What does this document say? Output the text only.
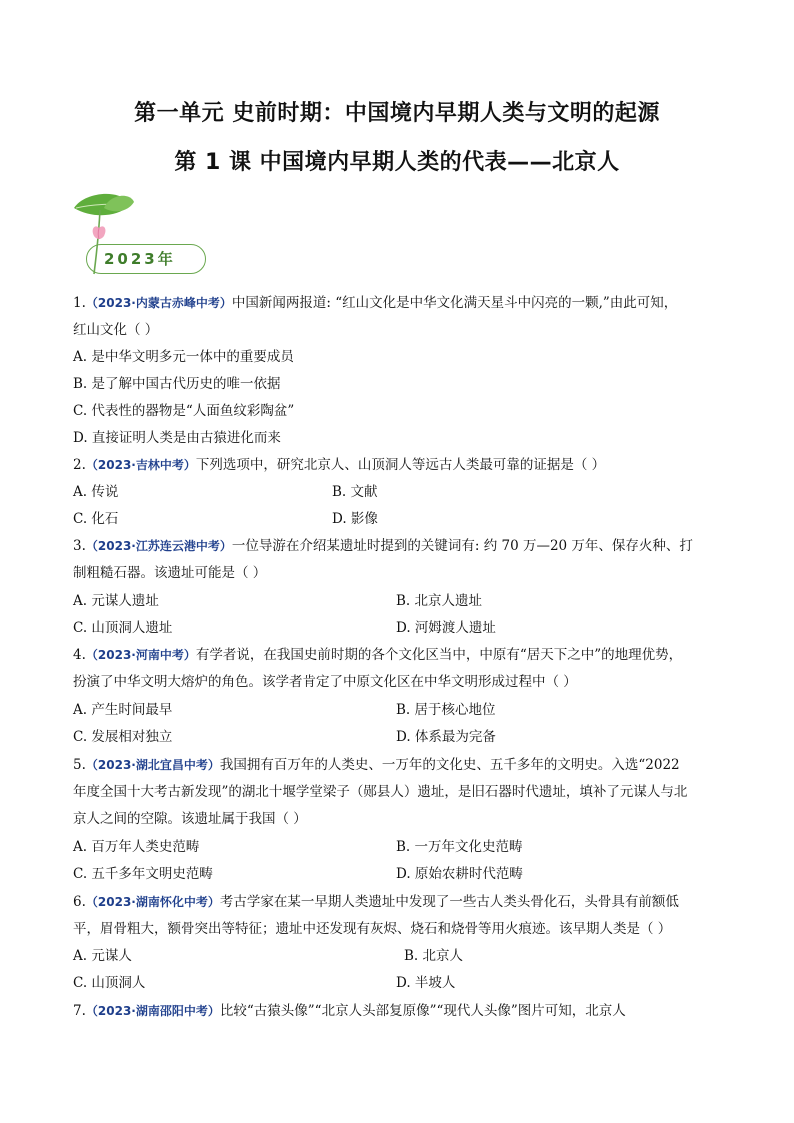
第一单元 史前时期：中国境内早期人类与文明的起源
第 1 课 中国境内早期人类的代表——北京人
2023年
1.（2023·内蒙古赤峰中考）中国新闻两报道: “红山文化是中华文化满天星斗中闪亮的一颗,”由此可知，
红山文化（ ）
A. 是中华文明多元一体中的重要成员
B. 是了解中国古代历史的唯一依据
C. 代表性的器物是“人面鱼纹彩陶盆”
D. 直接证明人类是由古猿进化而来
2.（2023·吉林中考）下列选项中，研究北京人、山顶洞人等远古人类最可靠的证据是（ ）
A. 传说	B. 文献
C. 化石	D. 影像
3.（2023·江苏连云港中考）一位导游在介绍某遗址时提到的关键词有: 约 70 万—20 万年、保存火种、打
制粗糙石器。该遗址可能是（ ）
A. 元谋人遗址	B. 北京人遗址
C. 山顶洞人遗址	D. 河姆渡人遗址
4.（2023·河南中考）有学者说，在我国史前时期的各个文化区当中，中原有“居天下之中”的地理优势，
扮演了中华文明大熔炉的角色。该学者肯定了中原文化区在中华文明形成过程中（ ）
A. 产生时间最早	B. 居于核心地位
C. 发展相对独立	D. 体系最为完备
5.（2023·湖北宜昌中考）我国拥有百万年的人类史、一万年的文化史、五千多年的文明史。入选“2022
年度全国十大考古新发现”的湖北十堰学堂梁子（郧县人）遗址，是旧石器时代遗址，填补了元谋人与北
京人之间的空隙。该遗址属于我国（ ）
A. 百万年人类史范畴	B. 一万年文化史范畴
C. 五千多年文明史范畴	D. 原始农耕时代范畴
6.（2023·湖南怀化中考）考古学家在某一早期人类遗址中发现了一些古人类头骨化石，头骨具有前额低
平，眉骨粗大，额骨突出等特征；遗址中还发现有灰烬、烧石和烧骨等用火痕迹。该早期人类是（ ）
A. 元谋人	B. 北京人
C. 山顶洞人	D. 半坡人
7.（2023·湖南邵阳中考）比较“古猿头像”“北京人头部复原像”“现代人头像”图片可知，北京人
